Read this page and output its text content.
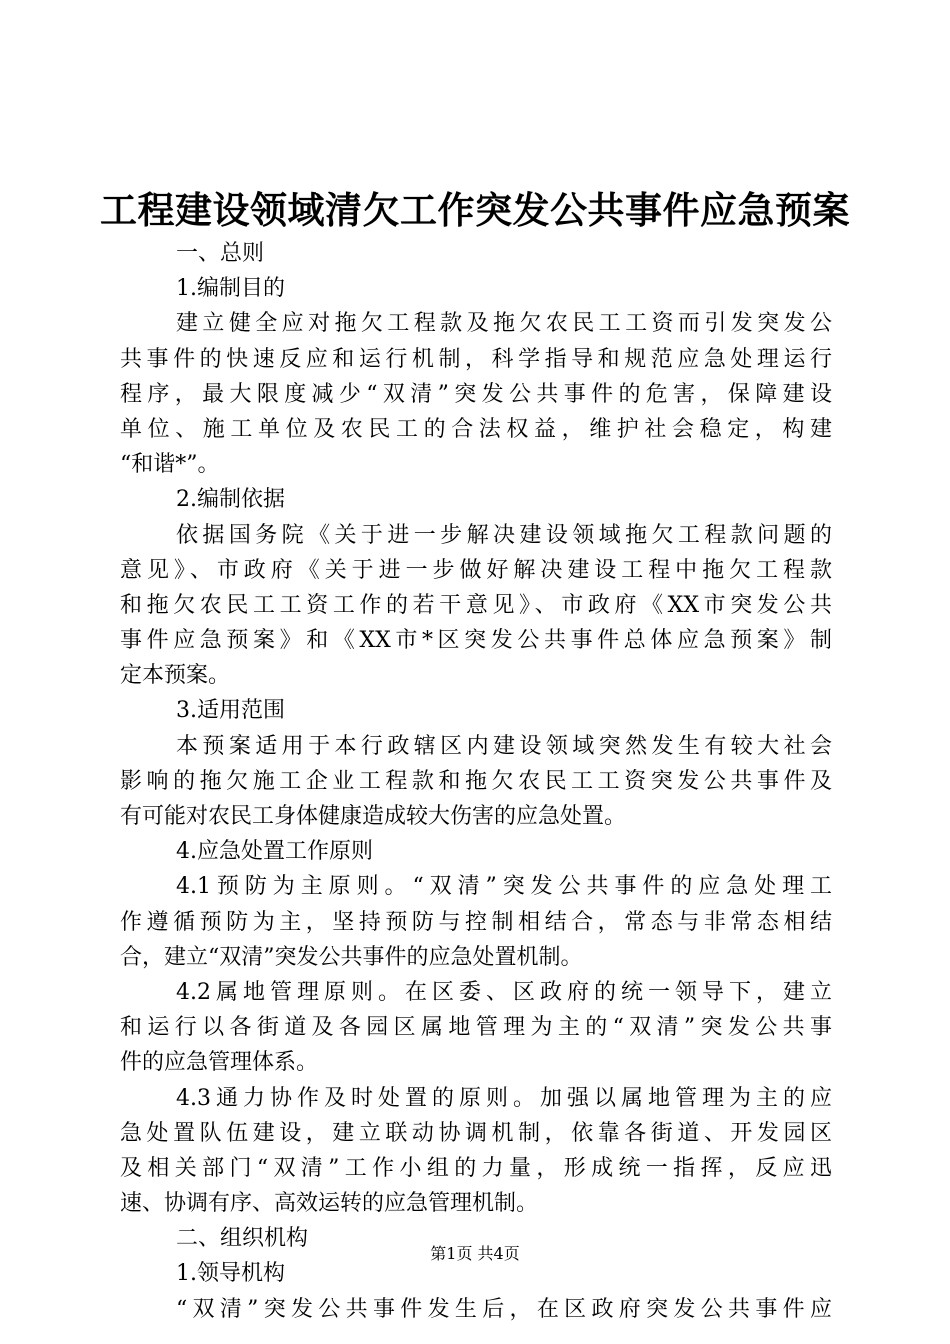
工程建设领域清欠工作突发公共事件应急预案
一、总则
1.编制目的
建立健全应对拖欠工程款及拖欠农民工工资而引发突发公
共事件的快速反应和运行机制，科学指导和规范应急处理运行
程序，最大限度减少“双清”突发公共事件的危害，保障建设
单位、施工单位及农民工的合法权益，维护社会稳定，构建
“和谐*”。
2.编制依据
依据国务院《关于进一步解决建设领域拖欠工程款问题的
意见》、市政府《关于进一步做好解决建设工程中拖欠工程款
和拖欠农民工工资工作的若干意见》、市政府《XX市突发公共
事件应急预案》和《XX市*区突发公共事件总体应急预案》制
定本预案。
3.适用范围
本预案适用于本行政辖区内建设领域突然发生有较大社会
影响的拖欠施工企业工程款和拖欠农民工工资突发公共事件及
有可能对农民工身体健康造成较大伤害的应急处置。
4.应急处置工作原则
4.1预防为主原则。“双清”突发公共事件的应急处理工
作遵循预防为主，坚持预防与控制相结合，常态与非常态相结
合，建立“双清”突发公共事件的应急处置机制。
4.2属地管理原则。在区委、区政府的统一领导下，建立
和运行以各街道及各园区属地管理为主的“双清”突发公共事
件的应急管理体系。
4.3通力协作及时处置的原则。加强以属地管理为主的应
急处置队伍建设，建立联动协调机制，依靠各街道、开发园区
及相关部门“双清”工作小组的力量，形成统一指挥，反应迅
速、协调有序、高效运转的应急管理机制。
二、组织机构
1.领导机构
“双清”突发公共事件发生后，在区政府突发公共事件应
第1页 共4页
